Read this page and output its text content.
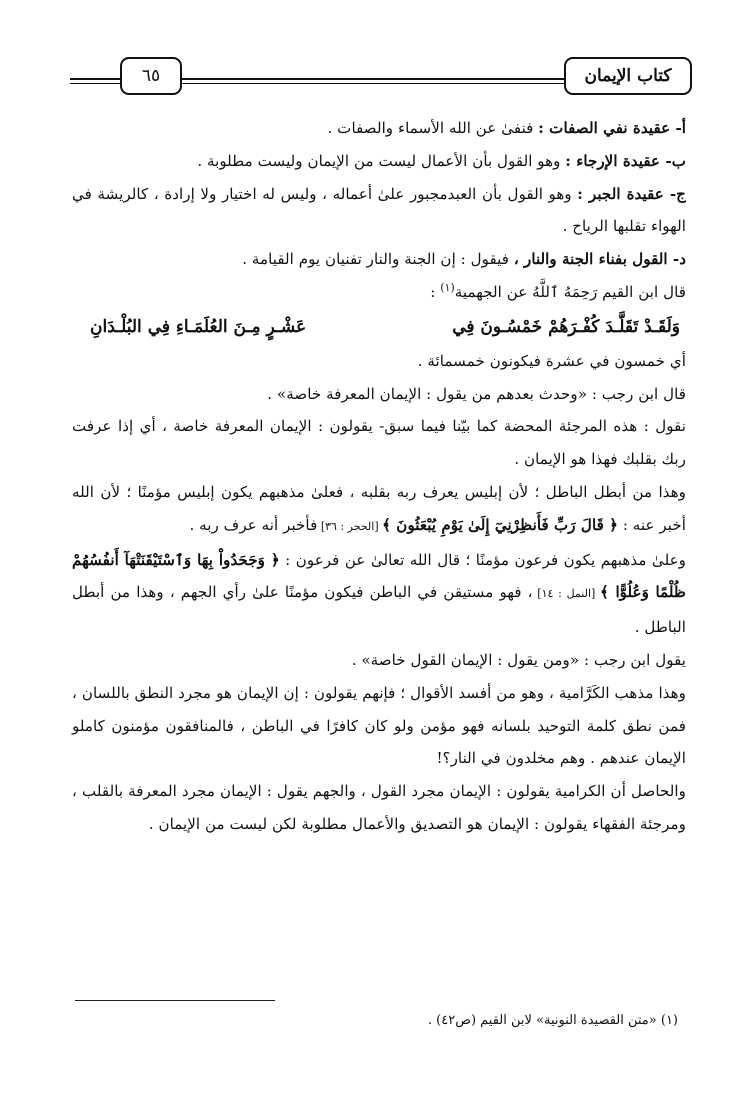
كتاب الإيمان
٦٥

أ- عقيدة نفي الصفات : فنفىٰ عن الله الأسماء والصفات .

ب- عقيدة الإرجاء : وهو القول بأن الأعمال ليست من الإيمان وليست مطلوبة .

ج- عقيدة الجبر : وهو القول بأن العبدمجبور علىٰ أعماله ، وليس له اختيار ولا إرادة ، كالريشة في الهواء تقلبها الرياح .

د- القول بفناء الجنة والنار ، فيقول : إن الجنة والنار تفنيان يوم القيامة .

قال ابن القيم رَحِمَهُ ٱللَّهُ عن الجهمية$^{(١)}$ :

وَلَقَـدْ تَقَلَّـدَ كُفْـرَهُمْ خَمْسُـونَ فِي
عَشْـرٍ مِـنَ العُلَمَـاءِ فِي البُلْـدَانِ

أي خمسون في عشرة فيكونون خمسمائة .

قال ابن رجب : «وحدث بعدهم من يقول : الإيمان المعرفة خاصة» .

نقول : هذه المرجئة المحضة كما بيّنا فيما سبق- يقولون : الإيمان المعرفة خاصة ، أي إذا عرفت ربك بقلبك فهذا هو الإيمان .

وهذا من أبطل الباطل ؛ لأن إبليس يعرف ربه بقلبه ، فعلىٰ مذهبهم يكون إبليس مؤمنًا ؛ لأن الله أخبر عنه : ﴿ قَالَ رَبِّ فَأَنظِرْنِيٓ إِلَىٰ يَوْمِ يُبْعَثُونَ ﴾ [الحجر : ٣٦] فأخبر أنه عرف ربه .

وعلىٰ مذهبهم يكون فرعون مؤمنًا ؛ قال الله تعالىٰ عن فرعون : ﴿ وَجَحَدُواْ بِهَا وَٱسْتَيْقَنَتْهَآ أَنفُسُهُمْ ظُلْمًا وَعُلُوًّا ﴾ [النمل : ١٤] ، فهو مستيقن في الباطن فيكون مؤمنًا علىٰ رأي الجهم ، وهذا من أبطل الباطل .

يقول ابن رجب : «ومن يقول : الإيمان القول خاصة» .

وهذا مذهب الكَرَّامية ، وهو من أفسد الأقوال ؛ فإنهم يقولون : إن الإيمان هو مجرد النطق باللسان ، فمن نطق كلمة التوحيد بلسانه فهو مؤمن ولو كان كافرًا في الباطن ، فالمنافقون مؤمنون كاملو الإيمان عندهم . وهم مخلدون في النار؟!

والحاصل أن الكرامية يقولون : الإيمان مجرد القول ، والجهم يقول : الإيمان مجرد المعرفة بالقلب ، ومرجئة الفقهاء يقولون : الإيمان هو التصديق والأعمال مطلوبة لكن ليست من الإيمان .

(١) «متن القصيدة النونية» لابن القيم (ص٤٢) .
